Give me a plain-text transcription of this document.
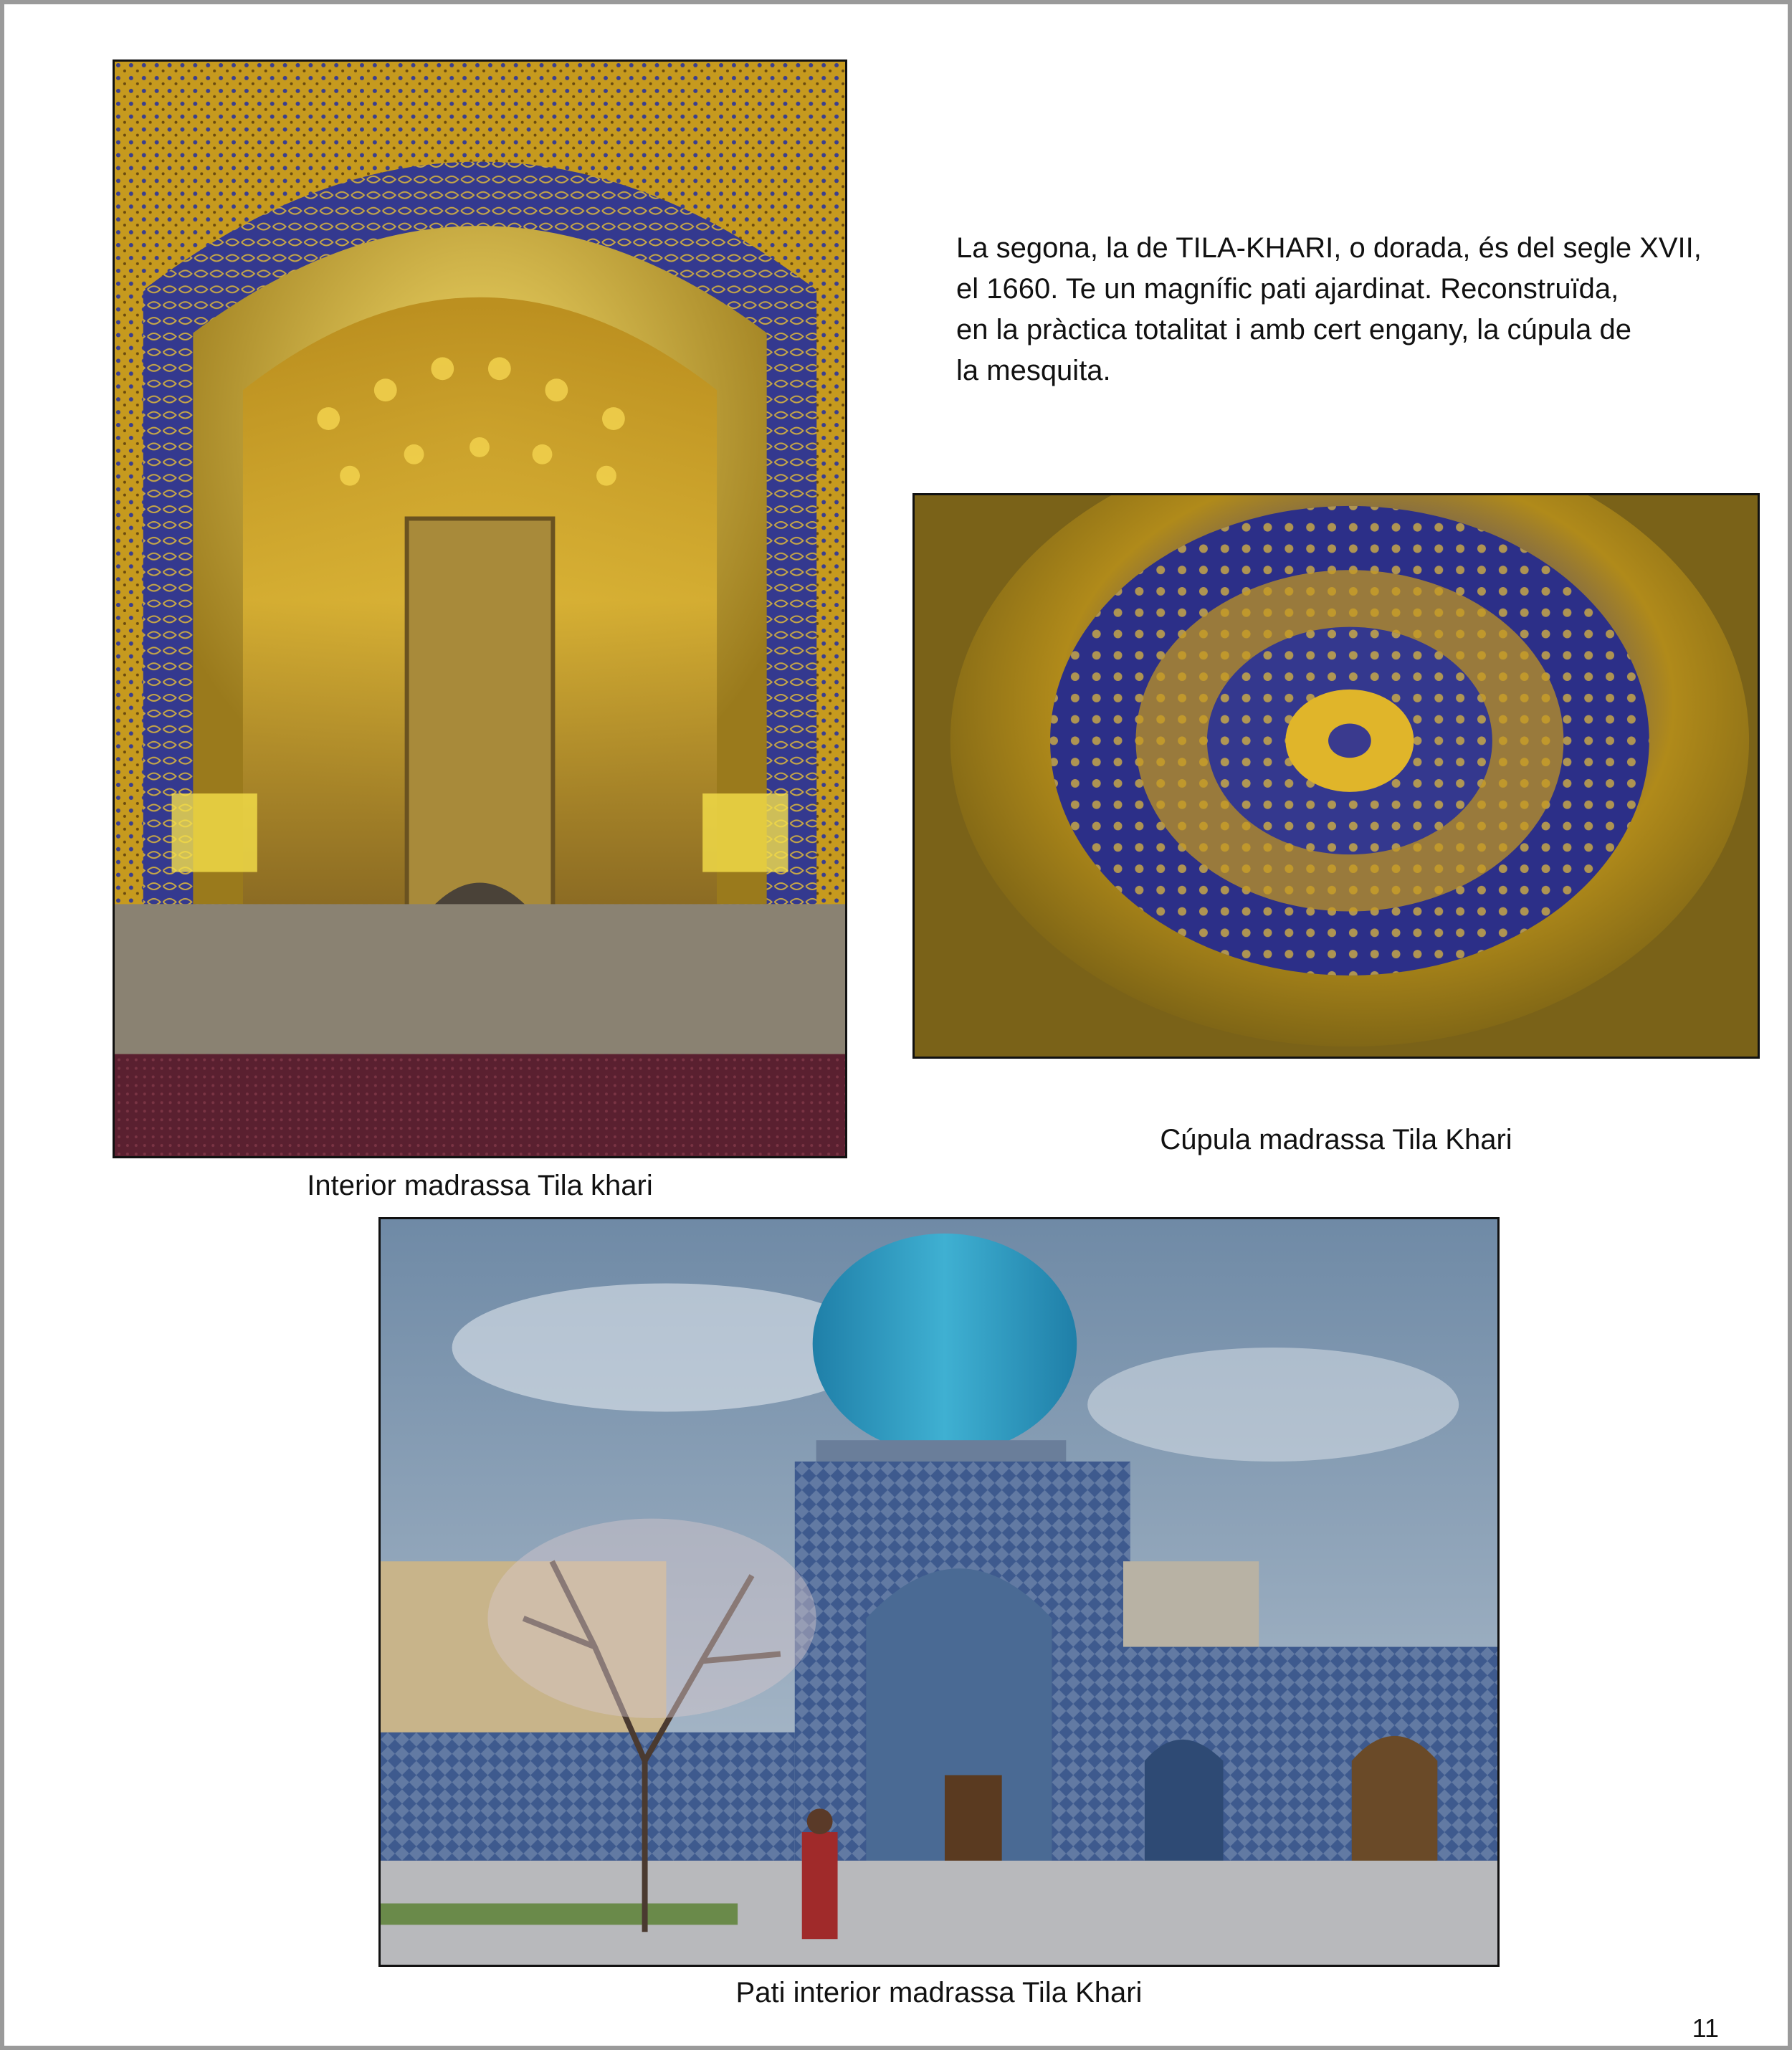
La segona, la de TILA-KHARI, o dorada, és del segle XVII,
el 1660. Te un magnífic pati ajardinat. Reconstruïda,
en la pràctica totalitat i amb cert engany, la cúpula de
la mesquita.
Interior madrassa Tila khari
Cúpula madrassa Tila Khari
Pati interior madrassa Tila Khari
11
